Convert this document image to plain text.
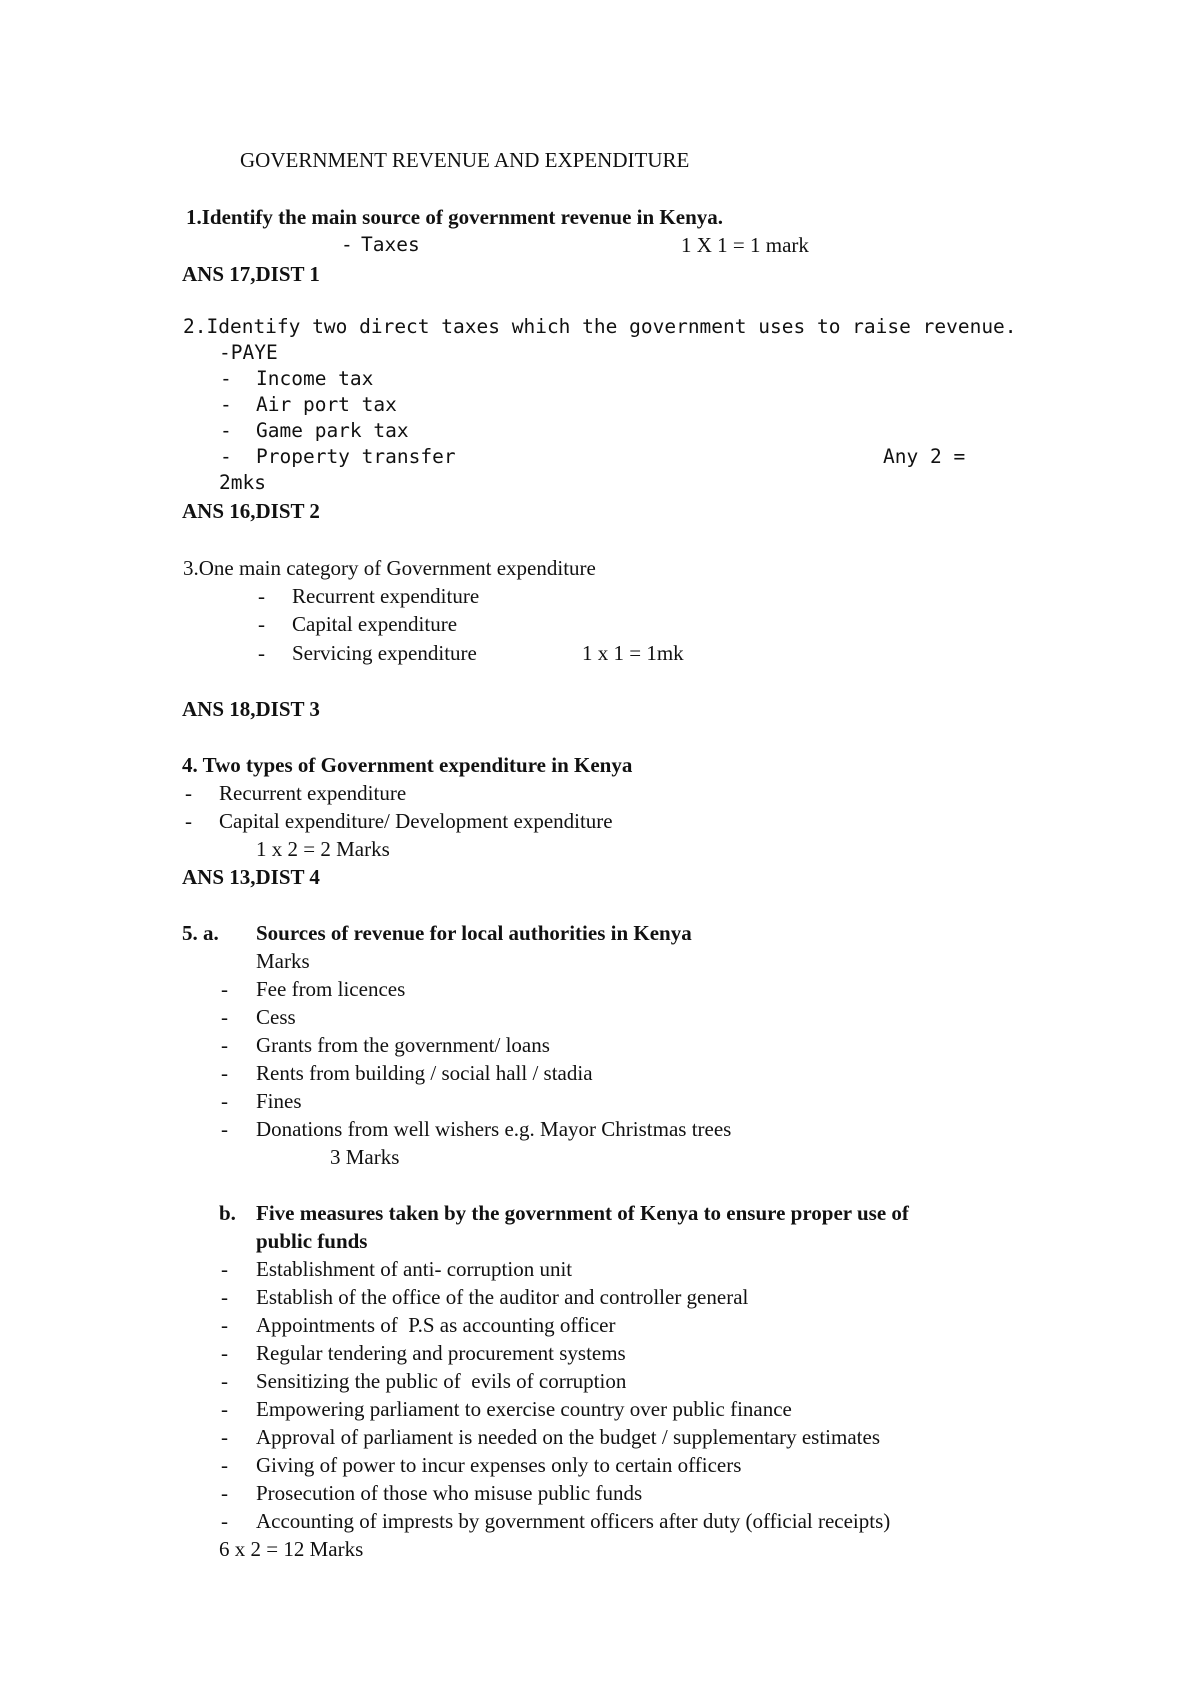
GOVERNMENT REVENUE AND EXPENDITURE
1.Identify the main source of government revenue in Kenya.
- Taxes	1 X 1 = 1 mark
ANS 17,DIST 1
2.Identify two direct taxes which the government uses to raise revenue.
-PAYE
- Income tax
- Air port tax
- Game park tax
- Property transfer	Any 2 =
2mks
ANS 16,DIST 2
3.One main category of Government expenditure
- Recurrent expenditure
- Capital expenditure
- Servicing expenditure	1 x 1 = 1mk
ANS 18,DIST 3
4. Two types of Government expenditure in Kenya
- Recurrent expenditure
- Capital expenditure/ Development expenditure
1 x 2 = 2 Marks
ANS 13,DIST 4
5. a. Sources of revenue for local authorities in Kenya
Marks
- Fee from licences
- Cess
- Grants from the government/ loans
- Rents from building / social hall / stadia
- Fines
- Donations from well wishers e.g. Mayor Christmas trees
3 Marks
b. Five measures taken by the government of Kenya to ensure proper use of
public funds
- Establishment of anti- corruption unit
- Establish of the office of the auditor and controller general
- Appointments of  P.S as accounting officer
- Regular tendering and procurement systems
- Sensitizing the public of  evils of corruption
- Empowering parliament to exercise country over public finance
- Approval of parliament is needed on the budget / supplementary estimates
- Giving of power to incur expenses only to certain officers
- Prosecution of those who misuse public funds
- Accounting of imprests by government officers after duty (official receipts)
6 x 2 = 12 Marks
